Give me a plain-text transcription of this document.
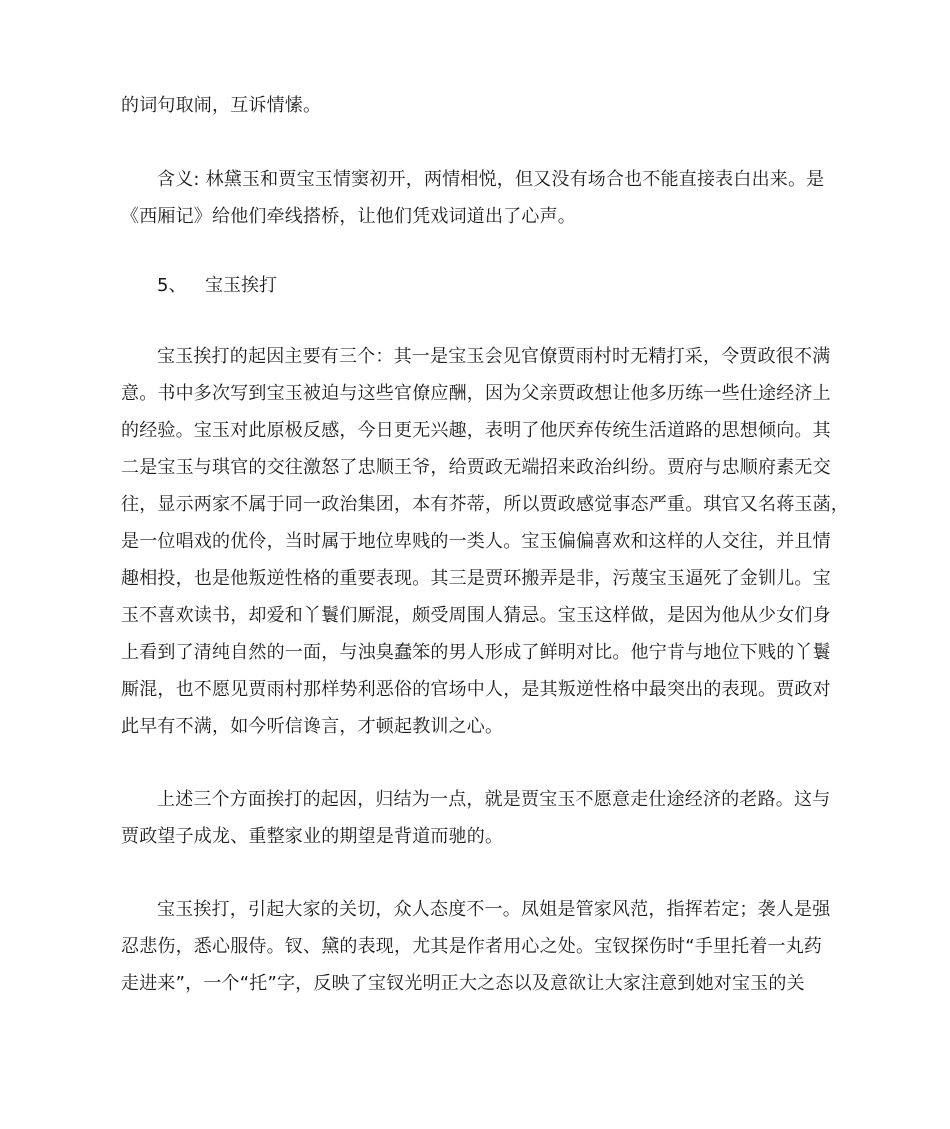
的词句取闹，互诉情愫。
含义: 林黛玉和贾宝玉情窦初开，两情相悦，但又没有场合也不能直接表白出来。是
《西厢记》给他们牵线搭桥，让他们凭戏词道出了心声。
5、 宝玉挨打
宝玉挨打的起因主要有三个：其一是宝玉会见官僚贾雨村时无精打采，令贾政很不满
意。书中多次写到宝玉被迫与这些官僚应酬，因为父亲贾政想让他多历练一些仕途经济上
的经验。宝玉对此原极反感，今日更无兴趣，表明了他厌弃传统生活道路的思想倾向。其
二是宝玉与琪官的交往激怒了忠顺王爷，给贾政无端招来政治纠纷。贾府与忠顺府素无交
往，显示两家不属于同一政治集团，本有芥蒂，所以贾政感觉事态严重。琪官又名蒋玉菡，
是一位唱戏的优伶，当时属于地位卑贱的一类人。宝玉偏偏喜欢和这样的人交往，并且情
趣相投，也是他叛逆性格的重要表现。其三是贾环搬弄是非，污蔑宝玉逼死了金钏儿。宝
玉不喜欢读书，却爱和丫鬟们厮混，颇受周围人猜忌。宝玉这样做，是因为他从少女们身
上看到了清纯自然的一面，与浊臭蠢笨的男人形成了鲜明对比。他宁肯与地位下贱的丫鬟
厮混，也不愿见贾雨村那样势利恶俗的官场中人，是其叛逆性格中最突出的表现。贾政对
此早有不满，如今听信谗言，才顿起教训之心。
上述三个方面挨打的起因，归结为一点，就是贾宝玉不愿意走仕途经济的老路。这与
贾政望子成龙、重整家业的期望是背道而驰的。
宝玉挨打，引起大家的关切，众人态度不一。凤姐是管家风范，指挥若定；袭人是强
忍悲伤，悉心服侍。钗、黛的表现，尤其是作者用心之处。宝钗探伤时“手里托着一丸药
走进来”，一个“托”字，反映了宝钗光明正大之态以及意欲让大家注意到她对宝玉的关
